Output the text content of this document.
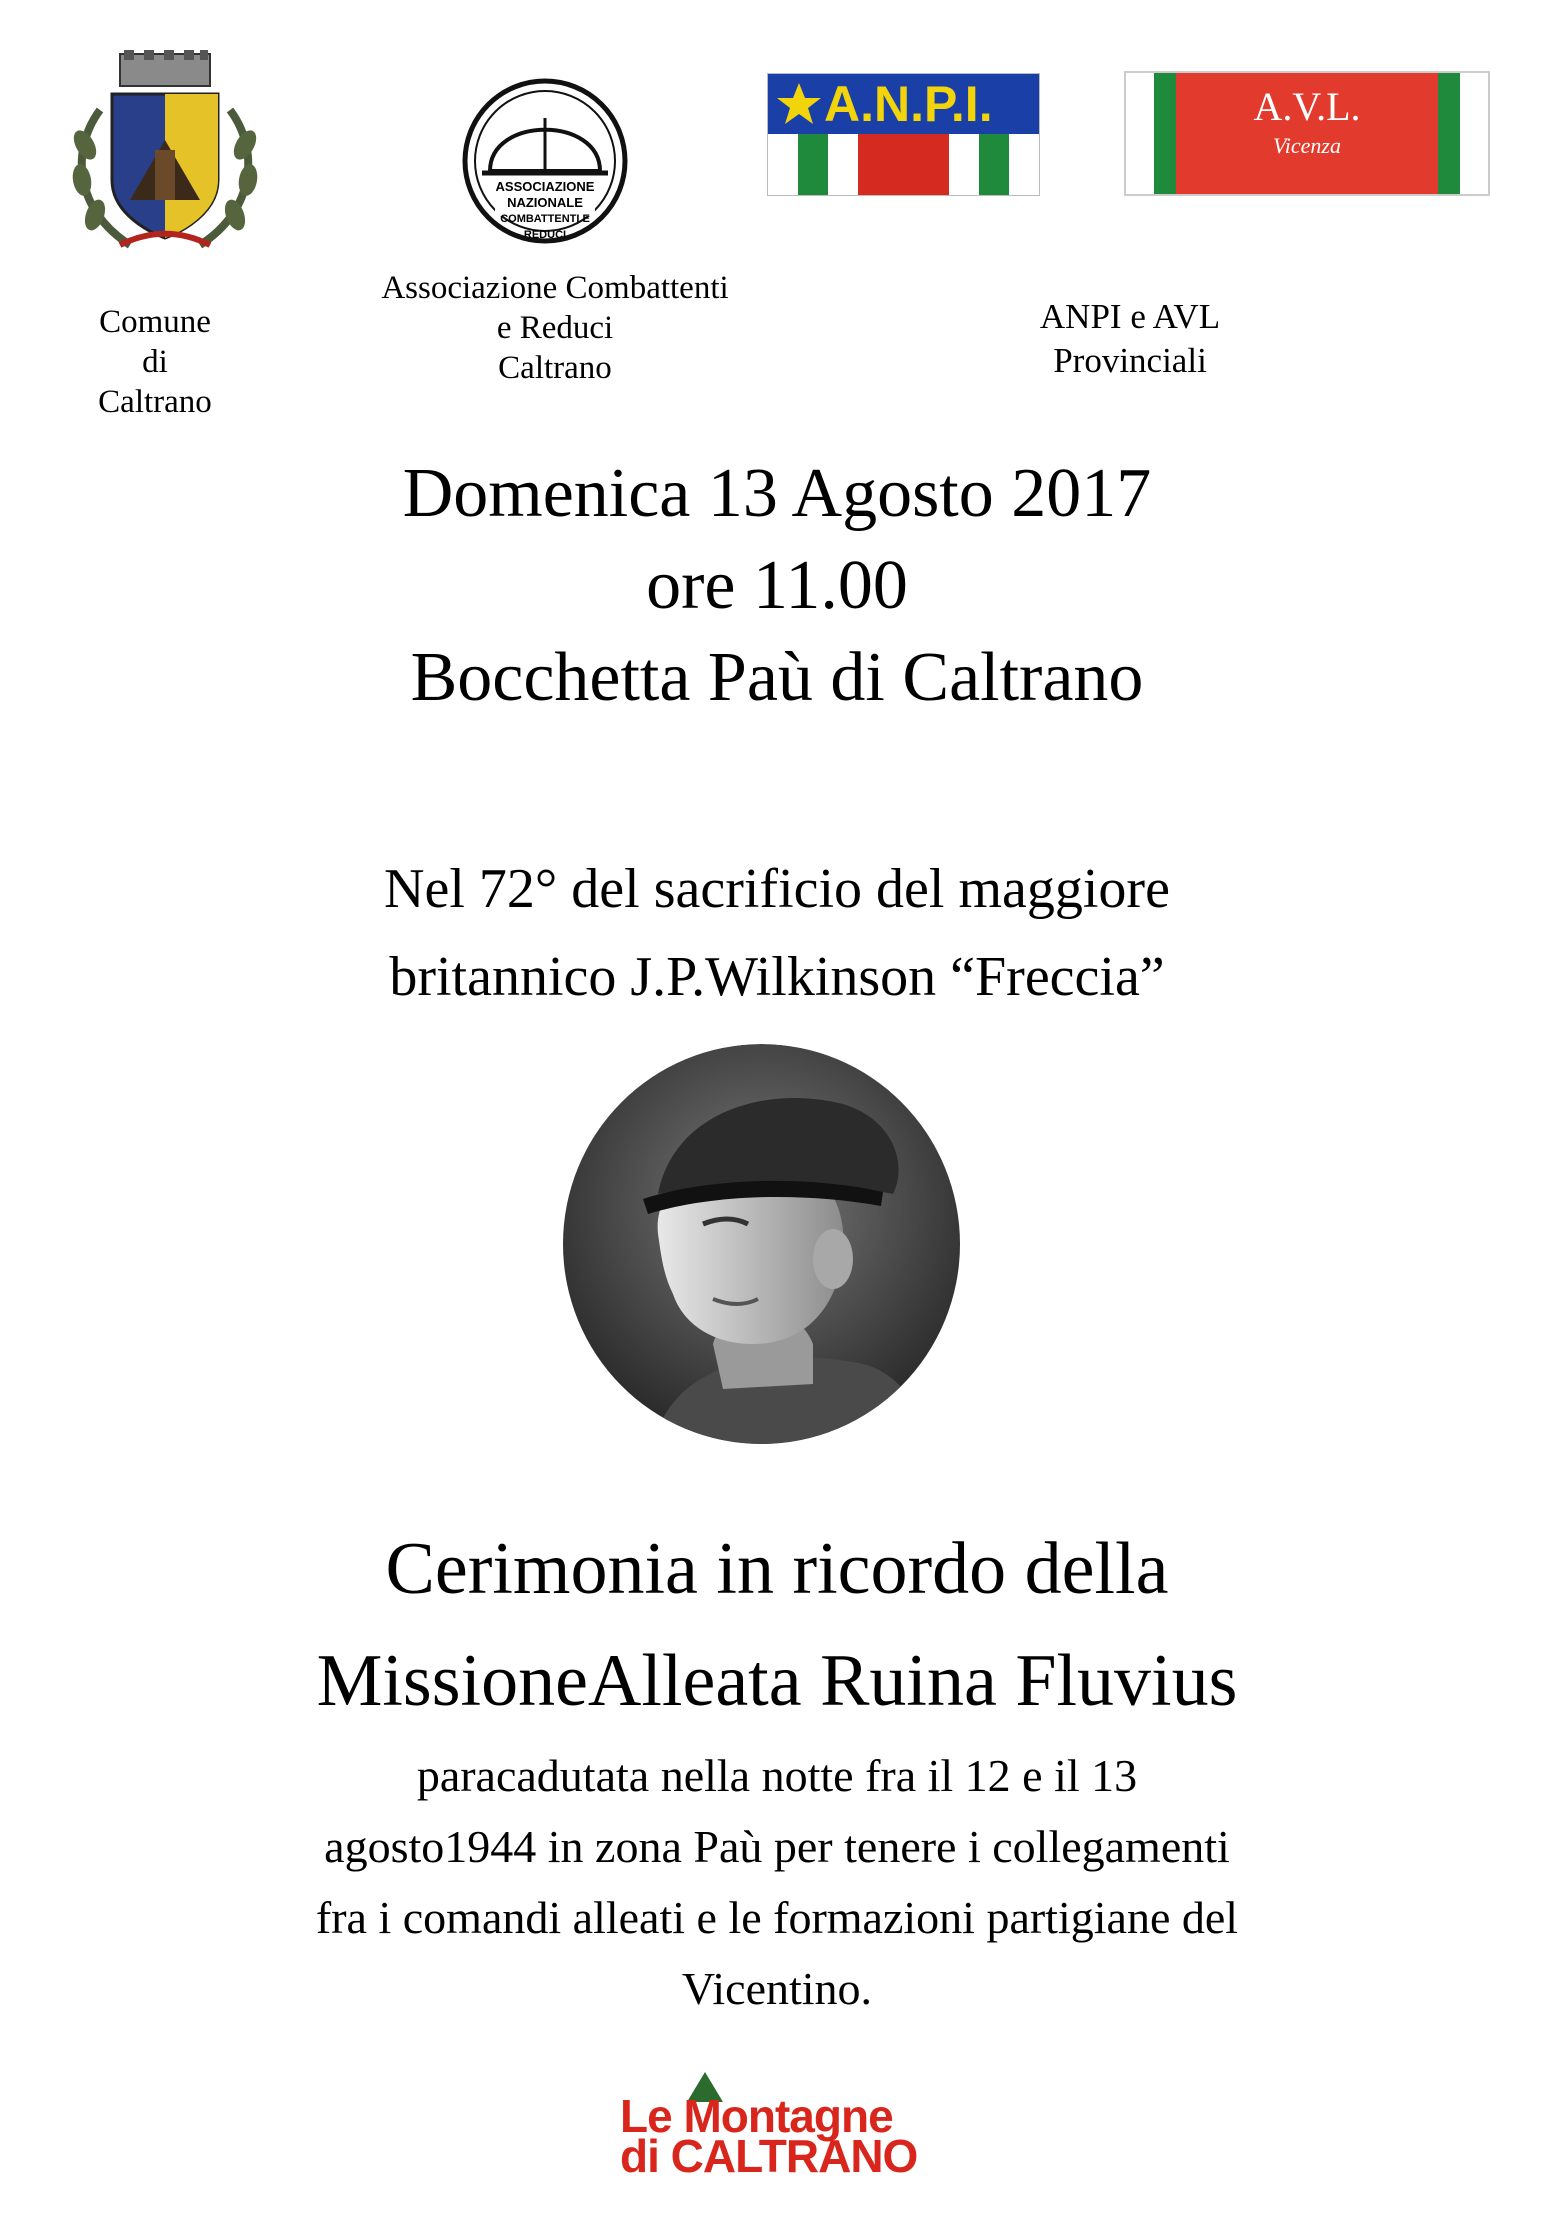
ASSOCIAZIONE
NAZIONALE
COMBATTENTI E REDUCI
A.N.P.I.	A.V.L.
Vicenza
Comune
di
Caltrano
Associazione Combattenti
e Reduci
Caltrano
ANPI e AVL
Provinciali
Domenica 13 Agosto 2017
ore 11.00
Bocchetta Paù di Caltrano
Nel 72° del sacrificio del maggiore
britannico J.P.Wilkinson “Freccia”
Cerimonia in ricordo della
MissioneAlleata Ruina Fluvius
paracadutata nella notte fra il 12 e il 13
agosto1944 in zona Paù per tenere i collegamenti
fra i comandi alleati e le formazioni partigiane del
Vicentino.
Le Montagne
di CALTRANO
